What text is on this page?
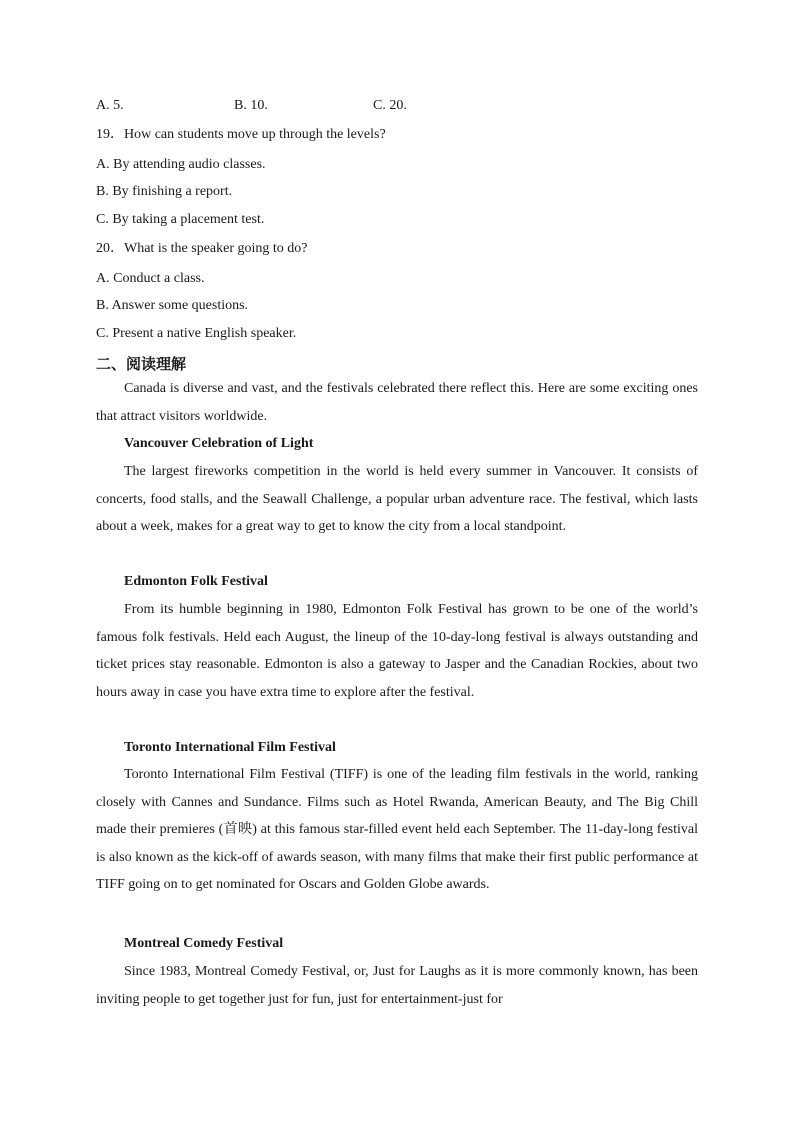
A. 5.	B. 10.	C. 20.
19．How can students move up through the levels?
A. By attending audio classes.
B. By finishing a report.
C. By taking a placement test.
20．What is the speaker going to do?
A. Conduct a class.
B. Answer some questions.
C. Present a native English speaker.
二、阅读理解
Canada is diverse and vast, and the festivals celebrated there reflect this. Here are some exciting ones that attract visitors worldwide.
Vancouver Celebration of Light
The largest fireworks competition in the world is held every summer in Vancouver. It consists of concerts, food stalls, and the Seawall Challenge, a popular urban adventure race. The festival, which lasts about a week, makes for a great way to get to know the city from a local standpoint.
Edmonton Folk Festival
From its humble beginning in 1980, Edmonton Folk Festival has grown to be one of the world’s famous folk festivals. Held each August, the lineup of the 10-day-long festival is always outstanding and ticket prices stay reasonable. Edmonton is also a gateway to Jasper and the Canadian Rockies, about two hours away in case you have extra time to explore after the festival.
Toronto International Film Festival
Toronto International Film Festival (TIFF) is one of the leading film festivals in the world, ranking closely with Cannes and Sundance. Films such as Hotel Rwanda, American Beauty, and The Big Chill made their premieres (首映) at this famous star-filled event held each September. The 11-day-long festival is also known as the kick-off of awards season, with many films that make their first public performance at TIFF going on to get nominated for Oscars and Golden Globe awards.
Montreal Comedy Festival
Since 1983, Montreal Comedy Festival, or, Just for Laughs as it is more commonly known, has been inviting people to get together just for fun, just for entertainment-just for
